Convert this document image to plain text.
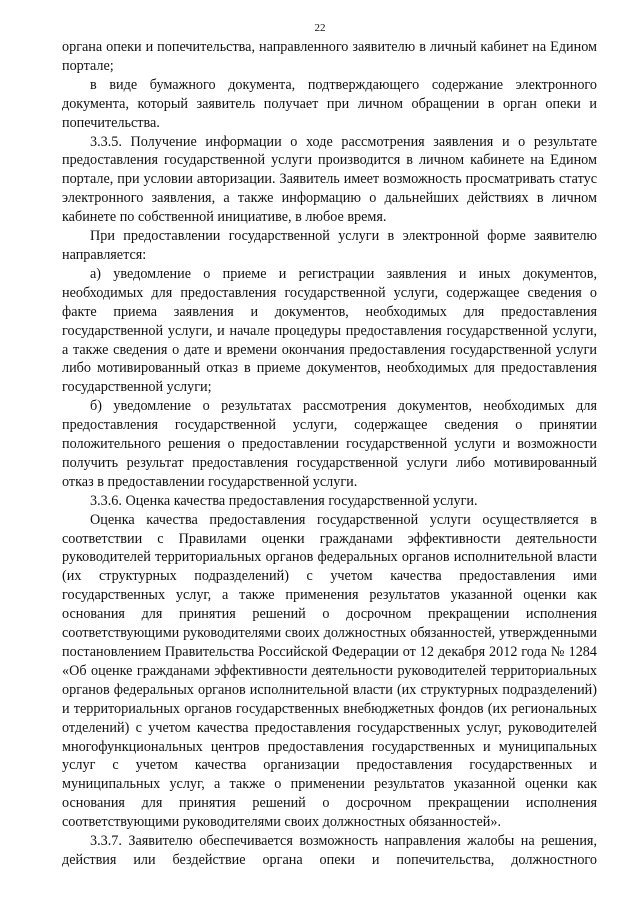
22

органа опеки и попечительства, направленного заявителю в личный кабинет на Едином портале;

в виде бумажного документа, подтверждающего содержание электронного документа, который заявитель получает при личном обращении в орган опеки и попечительства.

3.3.5. Получение информации о ходе рассмотрения заявления и о результате предоставления государственной услуги производится в личном кабинете на Едином портале, при условии авторизации. Заявитель имеет возможность просматривать статус электронного заявления, а также информацию о дальнейших действиях в личном кабинете по собственной инициативе, в любое время.

При предоставлении государственной услуги в электронной форме заявителю направляется:

а) уведомление о приеме и регистрации заявления и иных документов, необходимых для предоставления государственной услуги, содержащее сведения о факте приема заявления и документов, необходимых для предоставления государственной услуги, и начале процедуры предоставления государственной услуги, а также сведения о дате и времени окончания предоставления государственной услуги либо мотивированный отказ в приеме документов, необходимых для предоставления государственной услуги;

б) уведомление о результатах рассмотрения документов, необходимых для предоставления государственной услуги, содержащее сведения о принятии положительного решения о предоставлении государственной услуги и возможности получить результат предоставления государственной услуги либо мотивированный отказ в предоставлении государственной услуги.

3.3.6. Оценка качества предоставления государственной услуги.

Оценка качества предоставления государственной услуги осуществляется в соответствии с Правилами оценки гражданами эффективности деятельности руководителей территориальных органов федеральных органов исполнительной власти (их структурных подразделений) с учетом качества предоставления ими государственных услуг, а также применения результатов указанной оценки как основания для принятия решений о досрочном прекращении исполнения соответствующими руководителями своих должностных обязанностей, утвержденными постановлением Правительства Российской Федерации от 12 декабря 2012 года № 1284 «Об оценке гражданами эффективности деятельности руководителей территориальных органов федеральных органов исполнительной власти (их структурных подразделений) и территориальных органов государственных внебюджетных фондов (их региональных отделений) с учетом качества предоставления государственных услуг, руководителей многофункциональных центров предоставления государственных и муниципальных услуг с учетом качества организации предоставления государственных и муниципальных услуг, а также о применении результатов указанной оценки как основания для принятия решений о досрочном прекращении исполнения соответствующими руководителями своих должностных обязанностей».

3.3.7. Заявителю обеспечивается возможность направления жалобы на решения, действия или бездействие органа опеки и попечительства, должностного
